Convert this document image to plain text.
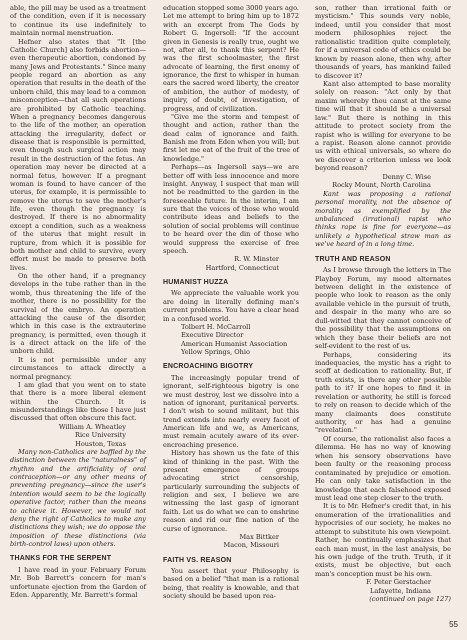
able, the pill may be used as a treatment of the condition, even if it is necessary to continue its use indefinitely to maintain normal menstruation.

Hefner also states that "It [the Catholic Church] also forbids abortion—even therapeutic abortion, condoned by many Jews and Protestants." Since many people regard an abortion as any operation that results in the death of the unborn child, this may lead to a common misconception—that all such operations are prohibited by Catholic teaching. When a pregnancy becomes dangerous to the life of the mother, an operation attacking the irregularity, defect or disease that is responsible is permitted, even though such surgical action may result in the destruction of the fetus. An operation may never be directed at a normal fetus, however. If a pregnant woman is found to have cancer of the uterus, for example, it is permissible to remove the uterus to save the mother's life, even though the pregnancy is destroyed. If there is no abnormality except a condition, such as a weakness of the uterus that might result in rupture, from which it is possible for both mother and child to survive, every effort must be made to preserve both lives.

On the other hand, if a pregnancy develops in the tube rather than in the womb, thus threatening the life of the mother, there is no possibility for the survival of the embryo. An operation attacking the cause of the disorder, which in this case is the extrauterine pregnancy, is permitted, even though it is a direct attack on the life of the unborn child.

It is not permissible under any circumstances to attack directly a normal pregnancy.

I am glad that you went on to state that there is a more liberal element within the Church. It is misunderstandings like those I have just discussed that often obscure this fact.

William A. Wheatley

Rice University

Houston, Texas

Many non-Catholics are baffled by the distinction between the "naturalness" of rhythm and the artificiality of oral contraception—or any other means of preventing pregnancy—since the user's intention would seem to be the logically operative factor, rather than the means to achieve it. However, we would not deny the right of Catholics to make any distinctions they wish; we do oppose the imposition of these distinctions (via birth-control laws) upon others.

THANKS FOR THE SERPENT

I have read in your February Forum Mr. Bob Barrett's concern for man's unfortunate ejection from the Garden of Eden. Apparently, Mr. Barrett's formal

education stopped some 3000 years ago. Let me attempt to bring him up to 1872 with an excerpt from The Gods by Robert G. Ingersoll: "If the account given in Genesis is really true, ought we not, after all, to thank this serpent? He was the first schoolmaster, the first advocate of learning, the first enemy of ignorance, the first to whisper in human ears the sacred word liberty, the creator of ambition, the author of modesty, of inquiry, of doubt, of investigation, of progress, and of civilization.

"Give me the storm and tempest of thought and action, rather than the dead calm of ignorance and faith. Banish me from Eden when you will; but first let me eat of the fruit of the tree of knowledge."

Perhaps—as Ingersoll says—we are better off with less innocence and more insight. Anyway, I suspect that man will not be readmitted to the garden in the foreseeable future. In the interim, I am sure that the voices of those who would contribute ideas and beliefs to the solution of social problems will continue to be heard over the din of those who would suppress the exercise of free speech.

R. W. Minster

Hartford, Connecticut

HUMANIST HUZZA

We appreciate the valuable work you are doing in literally defining man's current problems. You have a clear head in a confused world.

Tolbert H. McCarroll

Executive Director

American Humanist Association

Yellow Springs, Ohio

ENCROACHING BIGOTRY

The increasingly popular trend of ignorant, self-righteous bigotry is one we must destroy, lest we dissolve into a nation of ignorant, puritanical perverts. I don't wish to sound militant, but this trend extends into nearly every facet of American life and we, as Americans, must remain acutely aware of its ever-encroaching presence.

History has shown us the fate of this kind of thinking in the past. With the present emergence of groups advocating strict censorship, particularly surrounding the subjects of religion and sex, I believe we are witnessing the last gasp of ignorant faith. Let us do what we can to enshrine reason and rid our fine nation of the curse of ignorance.

Max Bittker

Macon, Missouri

FAITH VS. REASON

You assert that your Philosophy is based on a belief "that man is a rational being, that reality is knowable, and that society should be based upon rea-

son, rather than irrational faith or mysticism." This sounds very noble, indeed, until you consider that most modern philosophies reject the rationalistic tradition quite completely, for if a universal code of ethics could be known by reason alone, then why, after thousands of years, has mankind failed to discover it?

Kant also attempted to base morality solely on reason: "Act only by that maxim whereby thou canst at the same time will that it should be a universal law." But there is nothing in this attitude to protect society from the rapist who is willing for everyone to be a rapist. Reason alone cannot provide us with ethical universals, so where do we discover a criterion unless we look beyond reason?

Denny C. Wise

Rocky Mount, North Carolina

Kant was proposing a rational personal morality, not the absence of morality as exemplified by the unbalanced (irrational) rapist who thinks rape is fine for everyone—as unlikely a hypothetical straw man as we've heard of in a long time.

TRUTH AND REASON

As I browse through the letters in The Playboy Forum, my mood alternates between delight in the existence of people who look to reason as the only available vehicle in the pursuit of truth, and despair in the many who are so dull-witted that they cannot conceive of the possibility that the assumptions on which they base their beliefs are not self-evident to the rest of us.

Perhaps, considering its inadequacies, the mystic has a right to scoff at dedication to rationality. But, if truth exists, is there any other possible path to it? If one hopes to find it in revelation or authority, he still is forced to rely on reason to decide which of the many claimants does constitute authority, or has had a genuine "revelation."

Of course, the rationalist also faces a dilemma. He has no way of knowing when his sensory observations have been faulty or the reasoning process contaminated by prejudice or emotion. He can only take satisfaction in the knowledge that each falsehood exposed must lead one step closer to the truth.

It is to Mr. Hefner's credit that, in his enumeration of the irrationalities and hypocrisies of our society, he makes no attempt to substitute his own viewpoint. Rather, he continually emphasizes that each man must, in the last analysis, be his own judge of the truth. Truth, if it exists, must be objective, but each man's conception must be his own.

F. Peter Gerstacher

Lafayette, Indiana

(continued on page 127)

55
